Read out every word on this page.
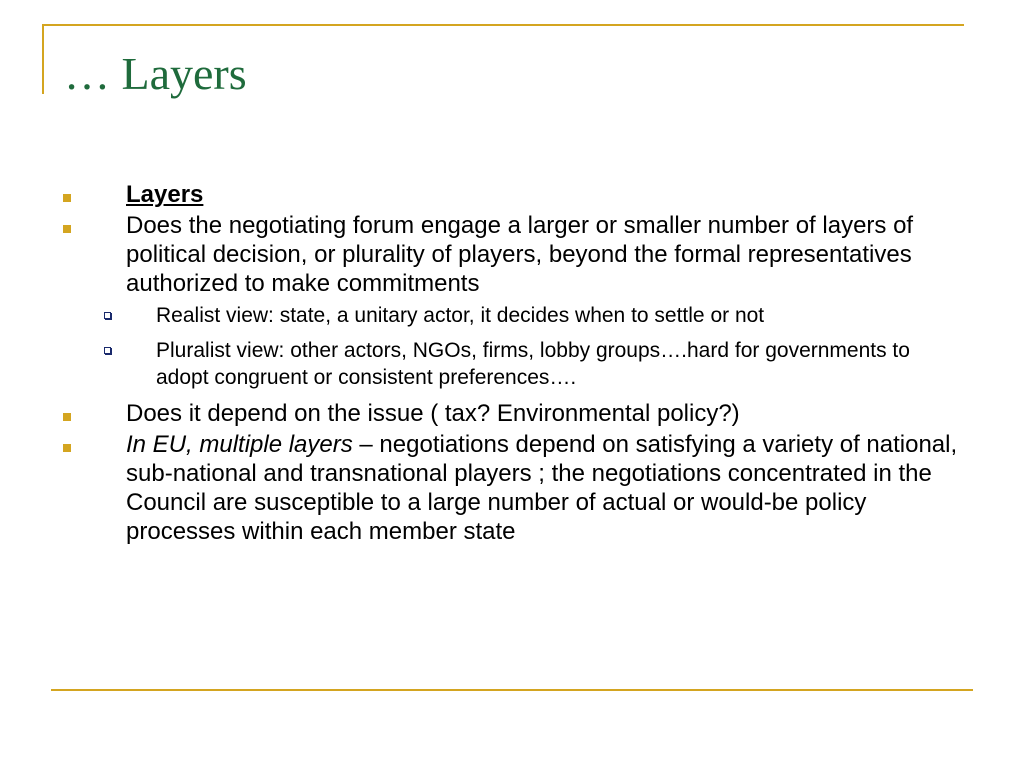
… Layers
Layers
Does the negotiating forum engage a larger or smaller number of layers of political decision, or plurality of players, beyond the formal representatives authorized to make commitments
Realist view: state, a unitary actor, it decides when to settle or not
Pluralist view: other actors, NGOs, firms, lobby groups….hard for governments to adopt congruent or consistent preferences….
Does it depend on the issue ( tax? Environmental policy?)
In EU, multiple layers – negotiations depend on satisfying a variety of national, sub-national and transnational players ; the negotiations concentrated in the Council are susceptible to a large number of actual or would-be policy processes within each member state
